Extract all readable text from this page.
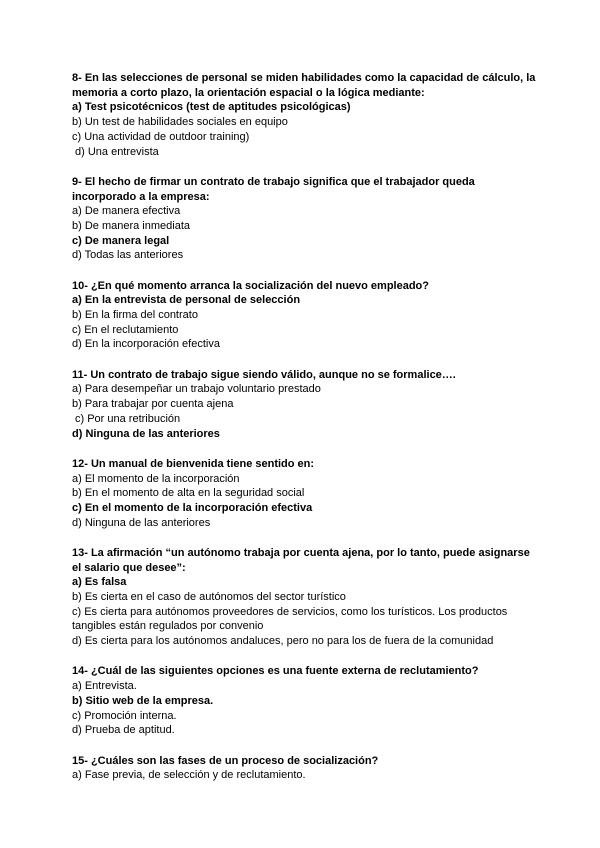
8- En las selecciones de personal se miden habilidades como la capacidad de cálculo, la memoria a corto plazo, la orientación espacial o la lógica mediante:

a) Test psicotécnicos (test de aptitudes psicológicas)

b) Un test de habilidades sociales en equipo

c) Una actividad de outdoor training)

d) Una entrevista

9- El hecho de firmar un contrato de trabajo significa que el trabajador queda incorporado a la empresa:

a) De manera efectiva

b) De manera inmediata

c) De manera legal

d) Todas las anteriores

10- ¿En qué momento arranca la socialización del nuevo empleado?

a) En la entrevista de personal de selección

b) En la firma del contrato

c) En el reclutamiento

d) En la incorporación efectiva

11- Un contrato de trabajo sigue siendo válido, aunque no se formalice….

a) Para desempeñar un trabajo voluntario prestado

b) Para trabajar por cuenta ajena

c) Por una retribución

d) Ninguna de las anteriores

12- Un manual de bienvenida tiene sentido en:

a) El momento de la incorporación

b) En el momento de alta en la seguridad social

c) En el momento de la incorporación efectiva

d) Ninguna de las anteriores

13- La afirmación “un autónomo trabaja por cuenta ajena, por lo tanto, puede asignarse el salario que desee”:

a) Es falsa

b) Es cierta en el caso de autónomos del sector turístico

c) Es cierta para autónomos proveedores de servicios, como los turísticos. Los productos tangibles están regulados por convenio

d) Es cierta para los autónomos andaluces, pero no para los de fuera de la comunidad

14- ¿Cuál de las siguientes opciones es una fuente externa de reclutamiento?

a) Entrevista.

b) Sitio web de la empresa.

c) Promoción interna.

d) Prueba de aptitud.

15- ¿Cuáles son las fases de un proceso de socialización?

a) Fase previa, de selección y de reclutamiento.
